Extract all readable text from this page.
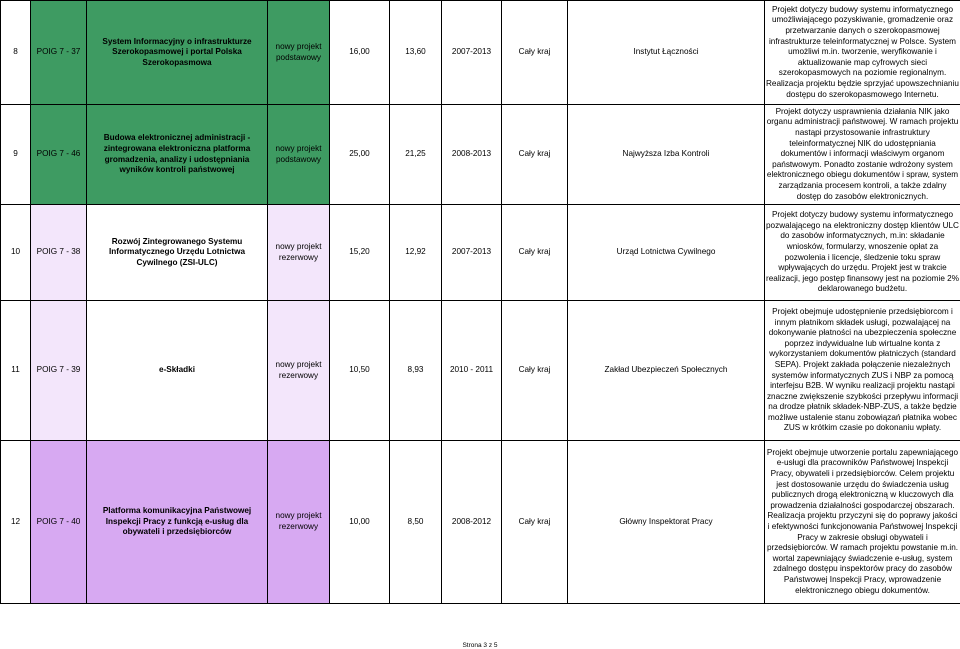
8	POIG 7 - 37	System Informacyjny o infrastrukturze Szerokopasmowej i portal Polska Szerokopasmowa	nowy projekt podstawowy	16,00	13,60	2007-2013	Cały kraj	Instytut Łączności	Projekt dotyczy budowy systemu informatycznego umożliwiającego pozyskiwanie, gromadzenie oraz przetwarzanie danych o szerokopasmowej infrastrukturze teleinformatycznej w Polsce. System umożliwi m.in. tworzenie, weryfikowanie i aktualizowanie map cyfrowych sieci szerokopasmowych na poziomie regionalnym. Realizacja projektu będzie sprzyjać upowszechnianiu dostępu do szerokopasmowego Internetu.
9	POIG 7 - 46	Budowa elektronicznej administracji - zintegrowana elektroniczna platforma gromadzenia, analizy i udostępniania wyników kontroli państwowej	nowy projekt podstawowy	25,00	21,25	2008-2013	Cały kraj	Najwyższa Izba Kontroli	Projekt dotyczy usprawnienia działania NIK jako organu administracji państwowej. W ramach projektu nastąpi przystosowanie infrastruktury teleinformatycznej NIK do udostępniania dokumentów i informacji właściwym organom państwowym. Ponadto zostanie wdrożony system elektronicznego obiegu dokumentów i spraw, system zarządzania procesem kontroli, a także zdalny dostęp do zasobów elektronicznych.
10	POIG 7 - 38	Rozwój Zintegrowanego Systemu Informatycznego Urzędu Lotnictwa Cywilnego (ZSI-ULC)	nowy projekt rezerwowy	15,20	12,92	2007-2013	Cały kraj	Urząd Lotnictwa Cywilnego	Projekt dotyczy budowy systemu informatycznego pozwalającego na elektroniczny dostęp klientów ULC do zasobów informatycznych, m.in: składanie wniosków, formularzy, wnoszenie opłat za pozwolenia i licencje, śledzenie toku spraw wpływających do urzędu. Projekt jest w trakcie realizacji, jego postęp finansowy jest na poziomie 2% deklarowanego budżetu.
11	POIG 7 - 39	e-Składki	nowy projekt rezerwowy	10,50	8,93	2010 - 2011	Cały kraj	Zakład Ubezpieczeń Społecznych	Projekt obejmuje udostępnienie przedsiębiorcom i innym płatnikom składek usługi, pozwalającej na dokonywanie płatności na ubezpieczenia społeczne poprzez indywidualne lub wirtualne konta z wykorzystaniem dokumentów płatniczych (standard SEPA). Projekt zakłada połączenie niezależnych systemów informatycznych ZUS i NBP za pomocą interfejsu B2B. W wyniku realizacji projektu nastąpi znaczne zwiększenie szybkości przepływu informacji na drodze płatnik składek-NBP-ZUS, a także będzie możliwe ustalenie stanu zobowiązań płatnika wobec ZUS w krótkim czasie po dokonaniu wpłaty.
12	POIG 7 - 40	Platforma komunikacyjna Państwowej Inspekcji Pracy z funkcją e-usług dla obywateli i przedsiębiorców	nowy projekt rezerwowy	10,00	8,50	2008-2012	Cały kraj	Główny Inspektorat Pracy	Projekt obejmuje utworzenie portalu zapewniającego e-usługi dla pracowników Państwowej Inspekcji Pracy, obywateli i przedsiębiorców. Celem projektu jest dostosowanie urzędu do świadczenia usług publicznych drogą elektroniczną w kluczowych dla prowadzenia działalności gospodarczej obszarach. Realizacja projektu przyczyni się do poprawy jakości i efektywności funkcjonowania Państwowej Inspekcji Pracy w zakresie obsługi obywateli i przedsiębiorców. W ramach projektu powstanie m.in. wortal zapewniający świadczenie e-usług, system zdalnego dostępu inspektorów pracy do zasobów Państwowej Inspekcji Pracy, wprowadzenie elektronicznego obiegu dokumentów.
Strona 3 z 5
